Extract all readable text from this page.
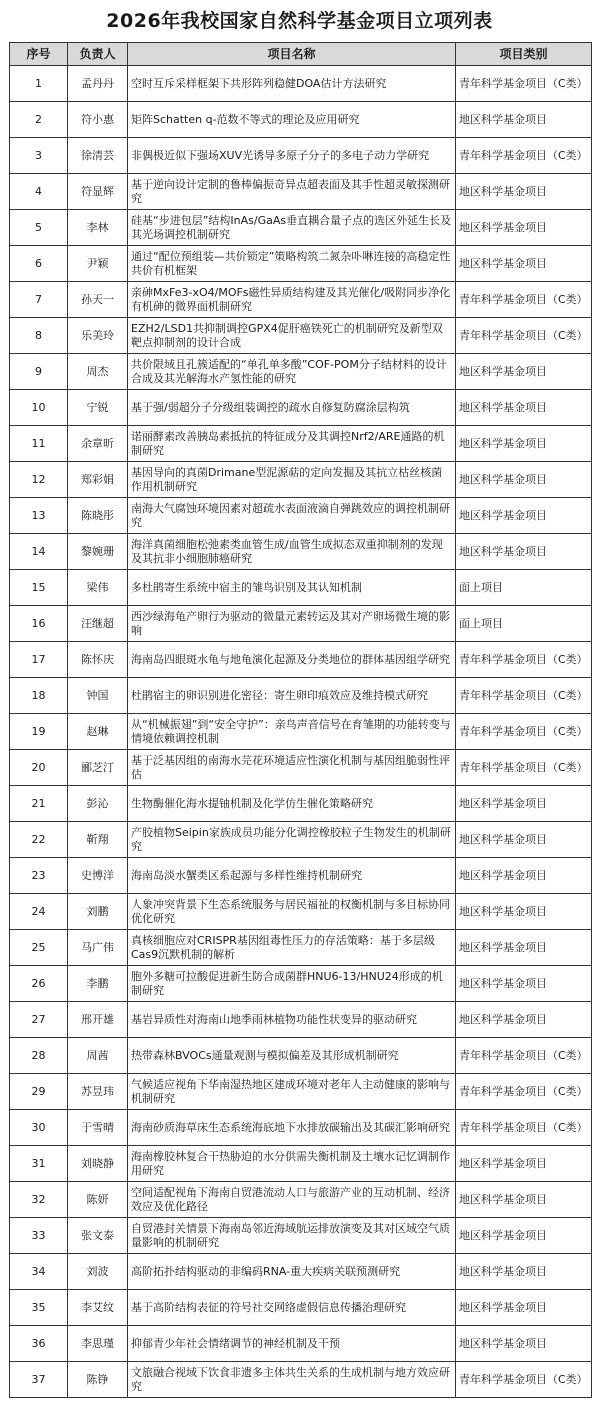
2026年我校国家自然科学基金项目立项列表
序号	负责人	项目名称	项目类别
1	孟丹丹	空时互斥采样框架下共形阵列稳健DOA估计方法研究	青年科学基金项目（C类）
2	符小惠	矩阵Schatten q-范数不等式的理论及应用研究	地区科学基金项目
3	徐清芸	非偶极近似下强场XUV光诱导多原子分子的多电子动力学研究	青年科学基金项目（C类）
4	符显辉	基于逆向设计定制的鲁棒偏振奇异点超表面及其手性超灵敏探测研究	地区科学基金项目
5	李林	硅基“步进包层”结构InAs/GaAs垂直耦合量子点的选区外延生长及其光场调控机制研究	地区科学基金项目
6	尹颖	通过“配位预组装—共价锁定”策略构筑二氮杂卟啉连接的高稳定性共价有机框架	地区科学基金项目
7	孙天一	亲砷MxFe3-xO4/MOFs磁性异质结构建及其光催化/吸附同步净化有机砷的微界面机制研究	青年科学基金项目（C类）
8	乐美玲	EZH2/LSD1共抑制调控GPX4促肝癌铁死亡的机制研究及新型双靶点抑制剂的设计合成	青年科学基金项目（C类）
9	周杰	共价限域且孔簇适配的“单孔单多酸”COF-POM分子结材料的设计合成及其光解海水产氢性能的研究	地区科学基金项目
10	宁锐	基于强/弱超分子分级组装调控的疏水自修复防腐涂层构筑	地区科学基金项目
11	余章昕	诺丽酵素改善胰岛素抵抗的特征成分及其调控Nrf2/ARE通路的机制研究	地区科学基金项目
12	郑彩娟	基因导向的真菌Drimane型泥源萜的定向发掘及其抗立枯丝核菌作用机制研究	地区科学基金项目
13	陈晓彤	南海大气腐蚀环境因素对超疏水表面液滴自弹跳效应的调控机制研究	地区科学基金项目
14	黎婉珊	海洋真菌细胞松弛素类血管生成/血管生成拟态双重抑制剂的发现及其抗非小细胞肺癌研究	地区科学基金项目
15	梁伟	多杜鹃寄生系统中宿主的雏鸟识别及其认知机制	面上项目
16	汪继超	西沙绿海龟产卵行为驱动的微量元素转运及其对产卵场微生境的影响	面上项目
17	陈怀庆	海南岛四眼斑水龟与地龟演化起源及分类地位的群体基因组学研究	青年科学基金项目（C类）
18	钟国	杜鹃宿主的卵识别进化密径：寄生卵印痕效应及维持模式研究	青年科学基金项目（C类）
19	赵琳	从“机械振翅”到“安全守护”：亲鸟声音信号在育雏期的功能转变与情境依赖调控机制	青年科学基金项目（C类）
20	郦芝汀	基于泛基因组的南海水芫花环境适应性演化机制与基因组脆弱性评估	青年科学基金项目（C类）
21	彭沁	生物酶催化海水提铀机制及化学仿生催化策略研究	地区科学基金项目
22	靳翔	产胶植物Seipin家族成员功能分化调控橡胶粒子生物发生的机制研究	地区科学基金项目
23	史博洋	海南岛淡水蟹类区系起源与多样性维持机制研究	地区科学基金项目
24	刘鹏	人象冲突背景下生态系统服务与居民福祉的权衡机制与多目标协同优化研究	地区科学基金项目
25	马广伟	真核细胞应对CRISPR基因组毒性压力的存活策略：基于多层级Cas9沉默机制的解析	地区科学基金项目
26	李鹏	胞外多糖可拉酸促进新生防合成菌群HNU6-13/HNU24形成的机制研究	地区科学基金项目
27	邢开雄	基岩异质性对海南山地季雨林植物功能性状变异的驱动研究	地区科学基金项目
28	周茜	热带森林BVOCs通量观测与模拟偏差及其形成机制研究	青年科学基金项目（C类）
29	苏昱玮	气候适应视角下华南湿热地区建成环境对老年人主动健康的影响与机制研究	青年科学基金项目（C类）
30	于雪晴	海南砂质海草床生态系统海底地下水排放碳输出及其碳汇影响研究	青年科学基金项目（C类）
31	刘晓静	海南橡胶林复合干热胁迫的水分供需失衡机制及土壤水记忆调制作用研究	地区科学基金项目
32	陈妍	空间适配视角下海南自贸港流动人口与旅游产业的互动机制、经济效应及优化路径	地区科学基金项目
33	张文泰	自贸港封关情景下海南岛邻近海域航运排放演变及其对区域空气质量影响的机制研究	地区科学基金项目
34	刘波	高阶拓扑结构驱动的非编码RNA-重大疾病关联预测研究	地区科学基金项目
35	李艾纹	基于高阶结构表征的符号社交网络虚假信息传播治理研究	地区科学基金项目
36	李思瑾	抑郁青少年社会情绪调节的神经机制及干预	地区科学基金项目
37	陈铮	文旅融合视域下饮食非遗多主体共生关系的生成机制与地方效应研究	青年科学基金项目（C类）
